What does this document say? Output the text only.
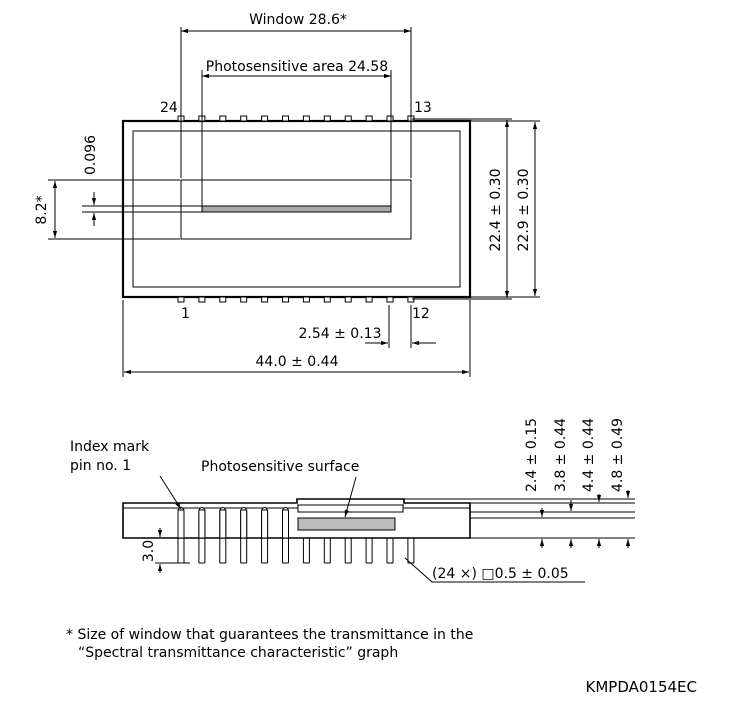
Window 28.6*
Photosensitive area 24.58
24	13
1	12
8.2*
0.096
22.4 ± 0.30 22.9 ± 0.30
2.54 ± 0.13
44.0 ± 0.44
Index mark
pin no. 1	Photosensitive surface
3.0
2.4 ± 0.15 3.8 ± 0.44 4.4 ± 0.44 4.8 ± 0.49
(24 ×) □0.5 ± 0.05
* Size of window that guarantees the transmittance in the
“Spectral transmittance characteristic” graph
KMPDA0154EC
